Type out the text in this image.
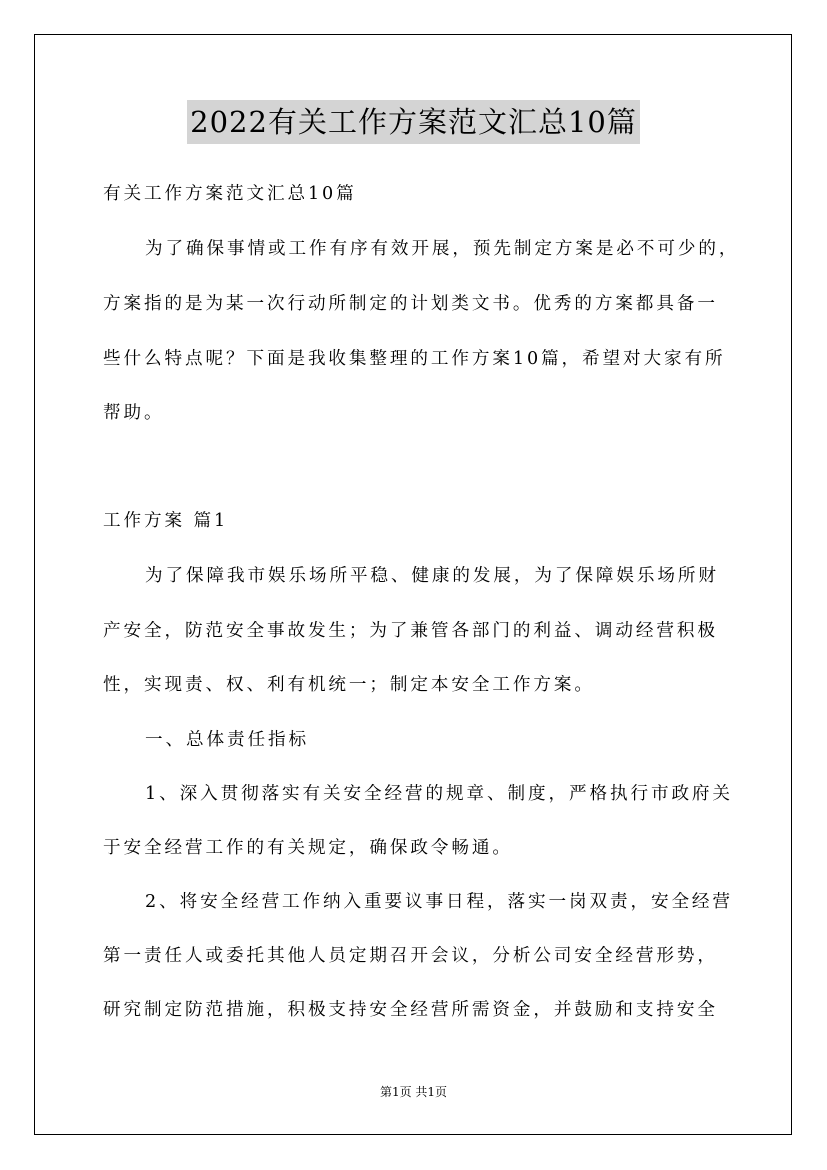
2022有关工作方案范文汇总10篇
有关工作方案范文汇总10篇
为了确保事情或工作有序有效开展，预先制定方案是必不可少的，
方案指的是为某一次行动所制定的计划类文书。优秀的方案都具备一
些什么特点呢？下面是我收集整理的工作方案10篇，希望对大家有所
帮助。
工作方案 篇1
为了保障我市娱乐场所平稳、健康的发展，为了保障娱乐场所财
产安全，防范安全事故发生；为了兼管各部门的利益、调动经营积极
性，实现责、权、利有机统一；制定本安全工作方案。
一、总体责任指标
1、深入贯彻落实有关安全经营的规章、制度，严格执行市政府关
于安全经营工作的有关规定，确保政令畅通。
2、将安全经营工作纳入重要议事日程，落实一岗双责，安全经营
第一责任人或委托其他人员定期召开会议，分析公司安全经营形势，
研究制定防范措施，积极支持安全经营所需资金，并鼓励和支持安全
第1页 共1页
